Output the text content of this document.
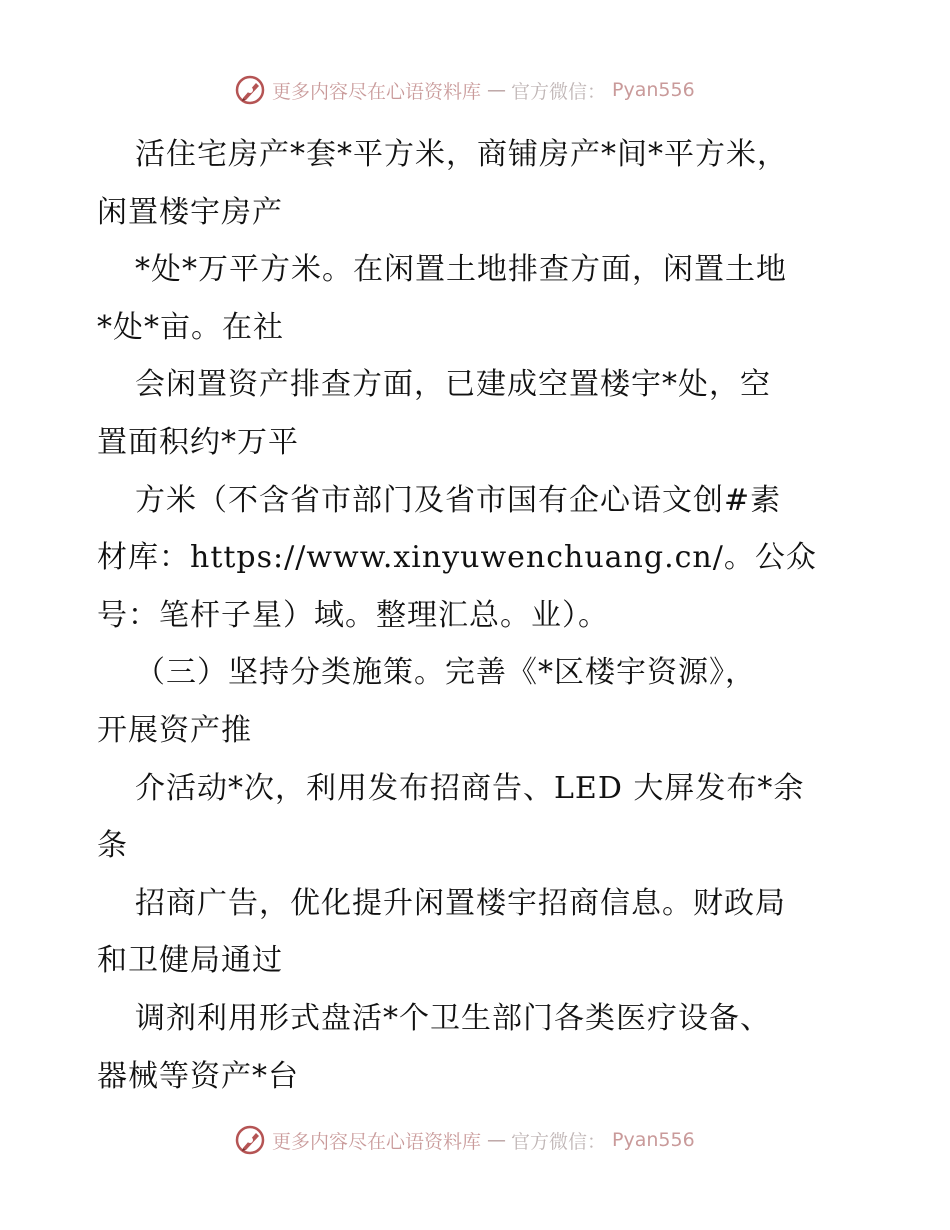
更多内容尽在心语资料库 — 官方微信： Pyan556
活住宅房产*套*平方米，商铺房产*间*平方米，
闲置楼宇房产
*处*万平方米。在闲置土地排查方面，闲置土地
*处*亩。在社
会闲置资产排查方面，已建成空置楼宇*处，空
置面积约*万平
方米（不含省市部门及省市国有企心语文创#素
材库：https://www.xinyuwenchuang.cn/。公众
号：笔杆子星）域。整理汇总。业）。
（三）坚持分类施策。完善《*区楼宇资源》，
开展资产推
介活动*次，利用发布招商告、LED 大屏发布*余
条
招商广告，优化提升闲置楼宇招商信息。财政局
和卫健局通过
调剂利用形式盘活*个卫生部门各类医疗设备、
器械等资产*台
更多内容尽在心语资料库 — 官方微信： Pyan556
